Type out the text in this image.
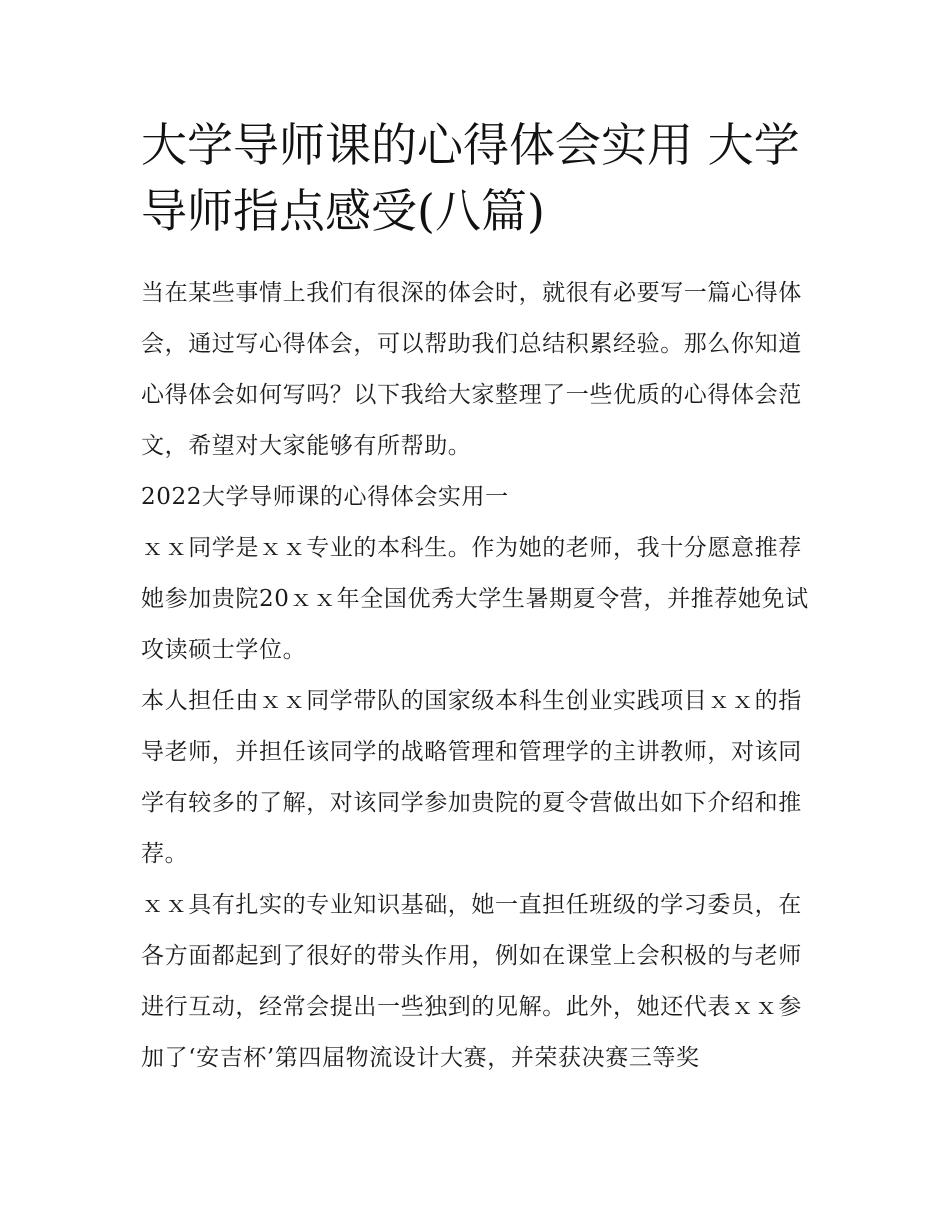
大学导师课的心得体会实用 大学导师指点感受(八篇)

当在某些事情上我们有很深的体会时，就很有必要写一篇心得体会，通过写心得体会，可以帮助我们总结积累经验。那么你知道心得体会如何写吗？以下我给大家整理了一些优质的心得体会范文，希望对大家能够有所帮助。

2022大学导师课的心得体会实用一

ｘｘ同学是ｘｘ专业的本科生。作为她的老师，我十分愿意推荐她参加贵院20ｘｘ年全国优秀大学生暑期夏令营，并推荐她免试攻读硕士学位。

本人担任由ｘｘ同学带队的国家级本科生创业实践项目ｘｘ的指导老师，并担任该同学的战略管理和管理学的主讲教师，对该同学有较多的了解，对该同学参加贵院的夏令营做出如下介绍和推荐。

ｘｘ具有扎实的专业知识基础，她一直担任班级的学习委员，在各方面都起到了很好的带头作用，例如在课堂上会积极的与老师进行互动，经常会提出一些独到的见解。此外，她还代表ｘｘ参加了‘安吉杯’第四届物流设计大赛，并荣获决赛三等奖
